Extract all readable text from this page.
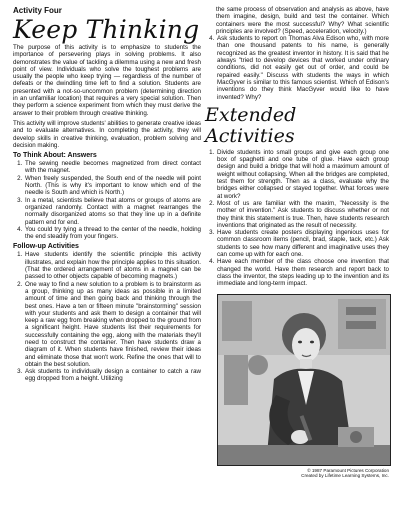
Activity Four
Keep Thinking

The purpose of this activity is to emphasize to students the importance of persevering plays in solving problems. It also demonstrates the value of tackling a dilemma using a new and fresh point of view. Individuals who solve the toughest problems are usually the people who keep trying — regardless of the number of defeats or the dwindling time left to find a solution. Students are presented with a not-so-uncommon problem (determining direction in an unfamiliar location) that requires a very special solution. Then they perform a science experiment from which they must derive the answer to their problem through creative thinking.

This activity will improve students' abilities to generate creative ideas and to evaluate alternatives. In completing the activity, they will develop skills in creative thinking, evaluation, problem solving and decision making.

To Think About: Answers
1. The sewing needle becomes magnetized from direct contact with the magnet.
2. When freely suspended, the South end of the needle will point North. (This is why it's important to know which end of the needle is South and which is North.)
3. In a metal, scientists believe that atoms or groups of atoms are organized randomly. Contact with a magnet rearranges the normally disorganized atoms so that they line up in a definite pattern end for end.
4. You could try tying a thread to the center of the needle, holding the end steadily from your fingers.
Follow-up Activities
1. Have students identify the scientific principle this activity illustrates, and explain how the principle applies to this situation. (That the ordered arrangement of atoms in a magnet can be passed to other objects capable of becoming magnets.)
2. One way to find a new solution to a problem is to brainstorm as a group, thinking up as many ideas as possible in a limited amount of time and then going back and thinking through the best ones. Have a ten or fifteen minute "brainstorming" session with your students and ask them to design a container that will keep a raw egg from breaking when dropped to the ground from a significant height. Have students list their requirements for successfully containing the egg, along with the materials they'll need to construct the container. Then have students draw a diagram of it. When students have finished, review their ideas and eliminate those that won't work. Refine the ones that will to obtain the best solution.
3. Ask students to individually design a container to catch a raw egg dropped from a height. Utilizing

the same process of observation and analysis as above, have them imagine, design, build and test the container. Which containers were the most successful? Why? What scientific principles are involved? (Speed, acceleration, velocity.)

4. Ask students to report on Thomas Alva Edison who, with more than one thousand patents to his name, is generally recognized as the greatest inventor in history. It is said that he always "tried to develop devices that worked under ordinary conditions, did not easily get out of order, and could be repaired easily." Discuss with students the ways in which MacGyver is similar to this famous scientist. Which of Edison's inventions do they think MacGyver would like to have invented? Why?
Extended Activities
1. Divide students into small groups and give each group one box of spaghetti and one tube of glue. Have each group design and build a bridge that will hold a maximum amount of weight without collapsing. When all the bridges are completed, test them for strength. Then as a class, evaluate why the bridges either collapsed or stayed together. What forces were at work?
2. Most of us are familiar with the maxim, "Necessity is the mother of invention." Ask students to discuss whether or not they think this statement is true. Then, have students research inventions that originated as the result of necessity.
3. Have students create posters displaying ingenious uses for common classroom items (pencil, brad, staple, tack, etc.) Ask students to see how many different and imaginative uses they can come up with for each one.
4. Have each member of the class choose one invention that changed the world. Have them research and report back to class the inventor, the steps leading up to the invention and its immediate and long-term impact.
© 1987 Paramount Pictures Corporation
Created by Lifetime Learning Systems, Inc.
